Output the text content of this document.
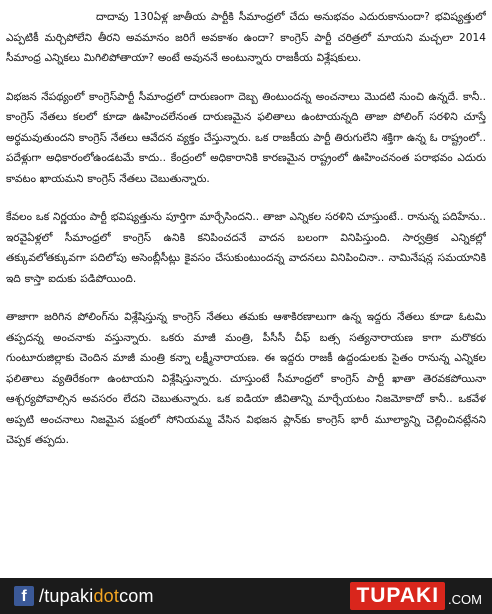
దాదావు 130ఏళ్ల జాతీయ పార్టీకి సీమాంధ్రలో చేదు అనుభవం ఎదురుకానుందా? భవిష్యత్తులో ఎప్పటికీ మర్చిపోలేని తీరని అవమానం జరిగే అవకాశం ఉందా? కాంగ్రెస్ పార్టీ చరిత్రలో మాయని మచ్చలా 2014 సీమాంధ్ర ఎన్నికలు మిగిలిపోతాయా? అంటే అవుననే అంటున్నారు రాజకీయ విశ్లేషకులు.

విభజన నేపథ్యంలో కాంగ్రెస్‌పార్టీ సీమాంధ్రలో దారుణంగా దెబ్బ తింటుందన్న అంచనాలు మొదటి నుంచి ఉన్నదే. కానీ.. కాంగ్రెస్ నేతలు కలలో కూడా ఊహించలేనంత దారుణమైన ఫలితాలు ఉంటాయన్నది తాజా పోలింగ్ సరళిని చూస్తే అర్థమవుతుందని కాంగ్రెస్ నేతలు ఆవేదన వ్యక్తం చేస్తున్నారు. ఒక రాజకీయ పార్టీ తిరుగులేని శక్తిగా ఉన్న ఓ రాష్ట్రంలో.. పదేళ్లుగా అధికారంలోఉండటమే కాదు.. కేంద్రంలో అధికారానికి కారణమైన రాష్ట్రంలో ఊహించనంత పరాభవం ఎదురు కావటం ఖాయమని కాంగ్రెస్ నేతలు చెబుతున్నారు.

కేవలం ఒక నిర్ణయం పార్టీ భవిష్యత్తును పూర్తిగా మార్చేసిందని.. తాజా ఎన్నికల సరళిని చూస్తుంటే.. రానున్న పదిహేను.. ఇరవైఏళ్లలో సీమాంధ్రలో కాంగ్రెస్ ఉనికి కనిపించదనే వాదన బలంగా వినిపిస్తుంది. సార్వత్రిక ఎన్నికల్లో తక్కువలోతక్కువగా పదిలోపు అసెంబ్లీసీట్లు కైవసం చేసుకుంటుందన్న వాదనలు వినిపించినా.. నామినేషన్ల సమయానికి ఇది కాస్తా ఐదుకు పడిపోయింది.

తాజాగా జరిగిన పోలింగ్‌ను విశ్లేషిస్తున్న కాంగ్రెస్ నేతలు తమకు ఆశాకిరణాలుగా ఉన్న ఇద్దరు నేతలు కూడా ఓటమి తప్పదన్న అంచనాకు వస్తున్నారు. ఒకరు మాజీ మంత్రి, పీసీసీ చీఫ్ బత్స సత్యనారాయణ కాగా మరొకరు గుంటూరుజిల్లాకు చెందిన మాజీ మంత్రి కన్నా లక్ష్మీనారాయణ. ఈ ఇద్దరు రాజకీ ఉద్దండులకు సైతం రానున్న ఎన్నికల ఫలితాలు వ్యతిరేకంగా ఉంటాయని విశ్లేషిస్తున్నారు. చూస్తుంటే సీమాంధ్రలో కాంగ్రెస్ పార్టీ ఖాతా తెరవకపోయినా ఆశ్చర్యపోవాల్సిన అవసరం లేదని చెబుతున్నారు. ఒక ఐడియా జీవితాన్ని మార్చేయటం నిజమోకాదో కానీ.. ఒకవేళ అప్పటి అంచనాలు నిజమైన పక్షంలో సోనియమ్మ వేసిన విభజన ప్లాన్‌కు కాంగ్రెస్ భారీ మూల్యాన్ని చెల్లించినట్లేనని చెప్పక తప్పదు.

f /tupakidotcom	TUPAKI .COM
